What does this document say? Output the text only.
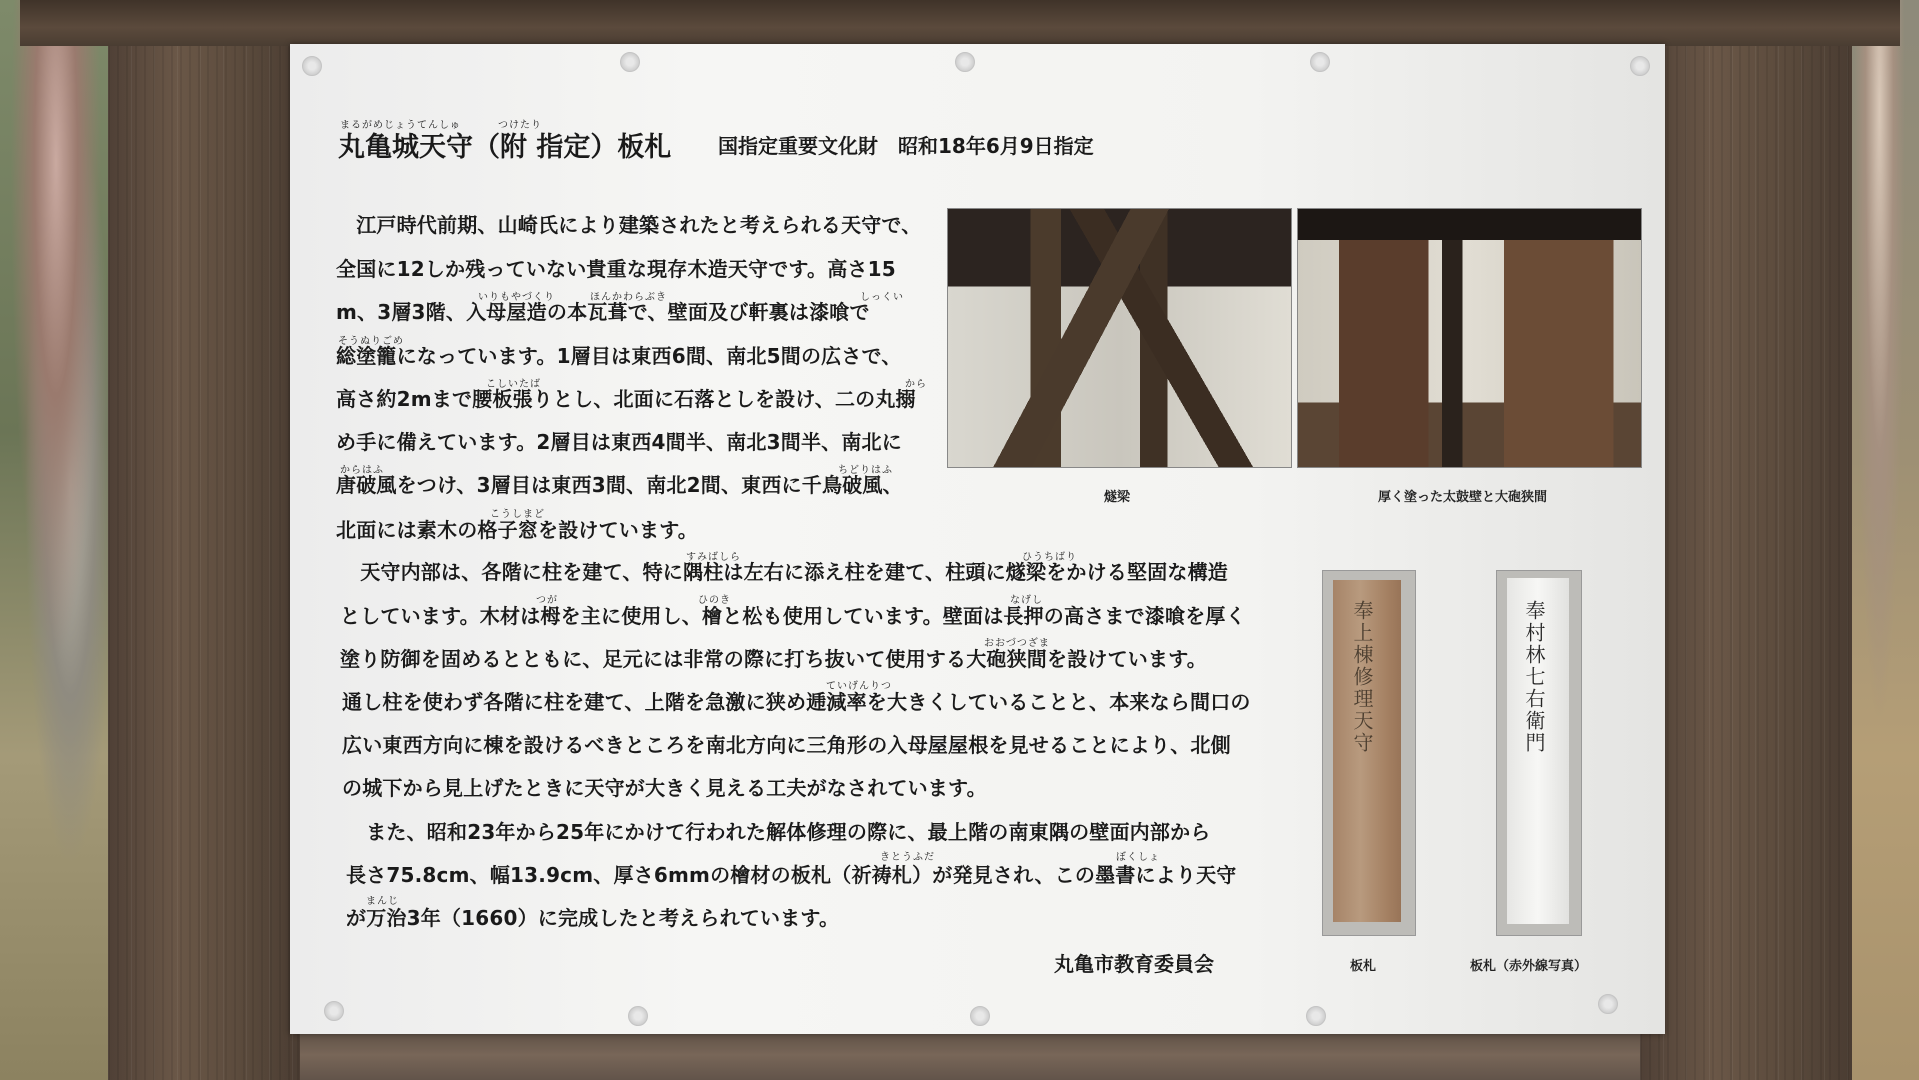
まるがめじょうてんしゅ	つけたり
丸亀城天守（附 指定）板札 国指定重要文化財　昭和18年6月9日指定
いりもやづくり	ほんかわらぶき	しっくい
そうぬりごめ
こしいたば	から
からはふ	ちどりはふ
こうしまど
すみばしら	ひうちばり
つが	ひのき	なげし
おおづつざま
ていげんりつ
きとうふだ	ぼくしょ
まんじ
　江戸時代前期、山崎氏により建築されたと考えられる天守で、
全国に12しか残っていない貴重な現存木造天守です。高さ15
m、3層3階、入母屋造の本瓦葺で、壁面及び軒裏は漆喰で
総塗籠になっています。1層目は東西6間、南北5間の広さで、
高さ約2mまで腰板張りとし、北面に石落としを設け、二の丸搦
め手に備えています。2層目は東西4間半、南北3間半、南北に
唐破風をつけ、3層目は東西3間、南北2間、東西に千鳥破風、
北面には素木の格子窓を設けています。
　天守内部は、各階に柱を建て、特に隅柱は左右に添え柱を建て、柱頭に燧梁をかける堅固な構造
としています。木材は栂を主に使用し、檜と松も使用しています。壁面は長押の高さまで漆喰を厚く
塗り防御を固めるとともに、足元には非常の際に打ち抜いて使用する大砲狭間を設けています。
通し柱を使わず各階に柱を建て、上階を急激に狭め逓減率を大きくしていることと、本来なら間口の
広い東西方向に棟を設けるべきところを南北方向に三角形の入母屋屋根を見せることにより、北側
の城下から見上げたときに天守が大きく見える工夫がなされています。
　また、昭和23年から25年にかけて行われた解体修理の際に、最上階の南東隅の壁面内部から
長さ75.8cm、幅13.9cm、厚さ6mmの檜材の板札（祈祷札）が発見され、この墨書により天守
が万治3年（1660）に完成したと考えられています。
燧梁	厚く塗った太鼓壁と大砲狭間
奉上棟修理天守	奉村林七右衛門
板札	板札（赤外線写真）
丸亀市教育委員会
